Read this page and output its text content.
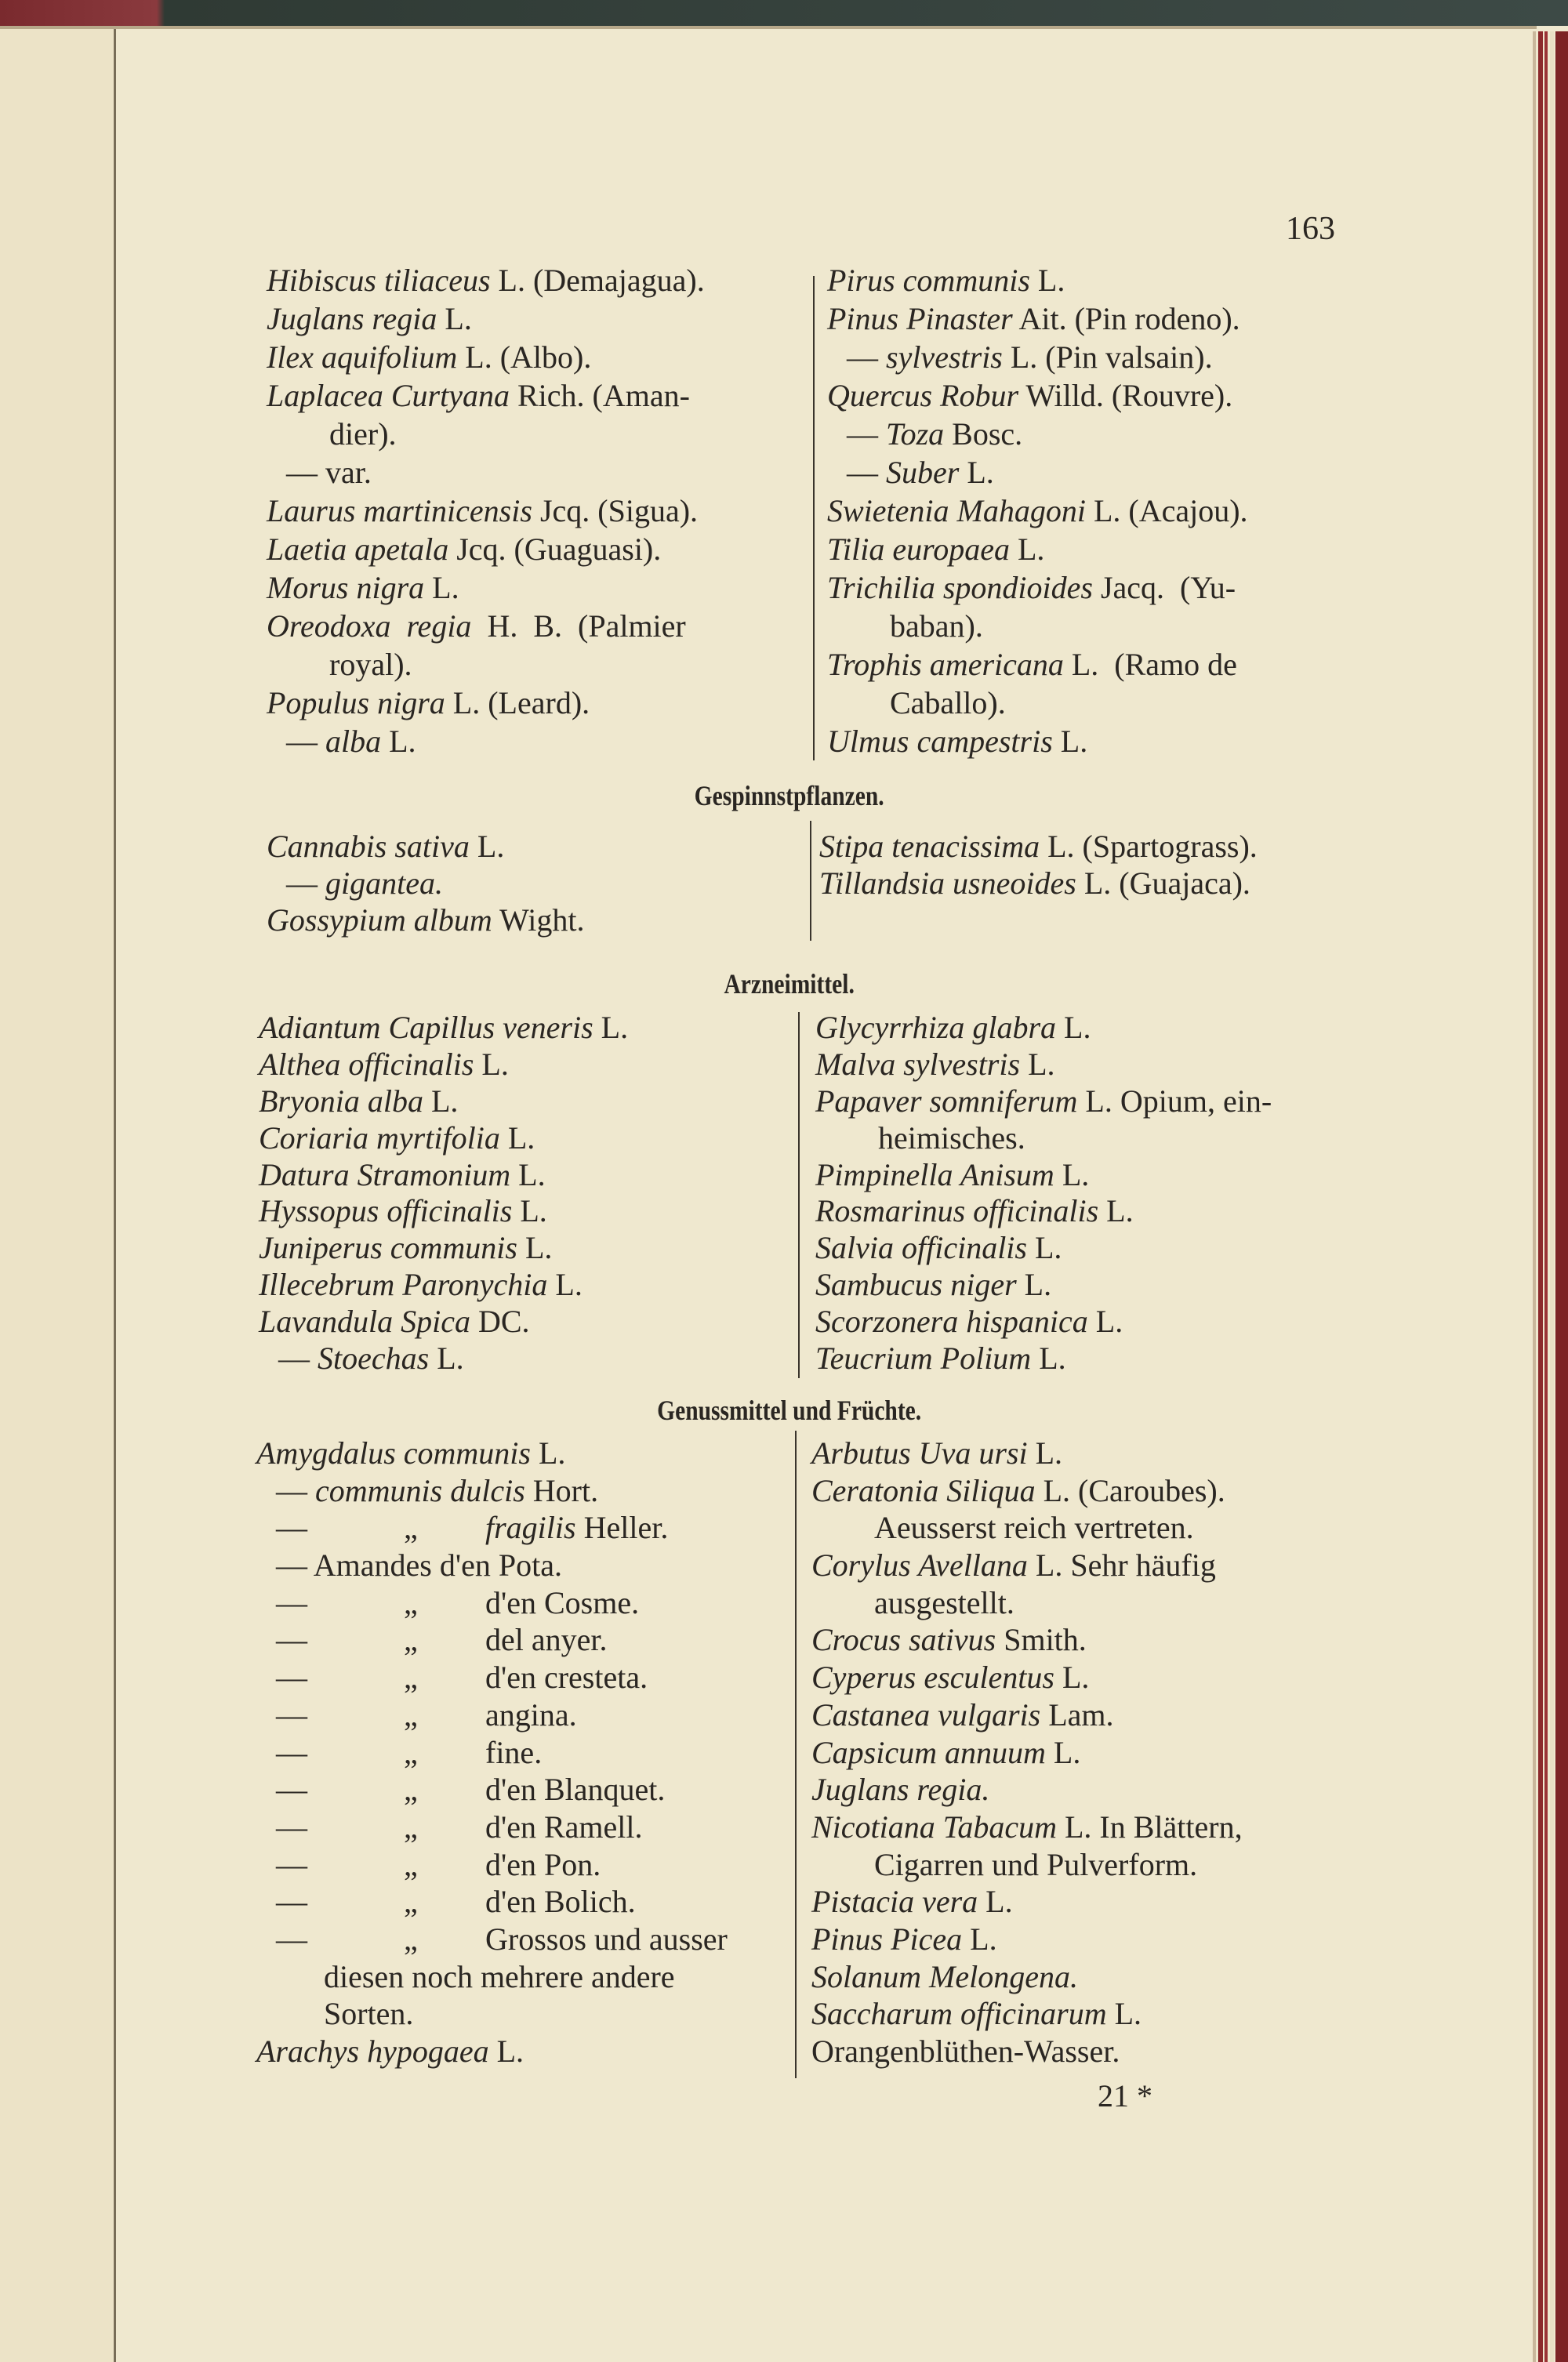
163
Hibiscus tiliaceus L. (Demajagua).
Juglans regia L.
Ilex aquifolium L. (Albo).
Laplacea Curtyana Rich. (Aman-
dier).
— var.
Laurus martinicensis Jcq. (Sigua).
Laetia apetala Jcq. (Guaguasi).
Morus nigra L.
Oreodoxa  regia  H.  B.  (Palmier
royal).
Populus nigra L. (Leard).
— alba L.
Pirus communis L.
Pinus Pinaster Ait. (Pin rodeno).
— sylvestris L. (Pin valsain).
Quercus Robur Willd. (Rouvre).
— Toza Bosc.
— Suber L.
Swietenia Mahagoni L. (Acajou).
Tilia europaea L.
Trichilia spondioides Jacq.  (Yu-
baban).
Trophis americana L.  (Ramo de
Caballo).
Ulmus campestris L.
Gespinnstpflanzen.
Cannabis sativa L.
— gigantea.
Gossypium album Wight.
Stipa tenacissima L. (Spartograss).
Tillandsia usneoides L. (Guajaca).
Arzneimittel.
Adiantum Capillus veneris L.
Althea officinalis L.
Bryonia alba L.
Coriaria myrtifolia L.
Datura Stramonium L.
Hyssopus officinalis L.
Juniperus communis L.
Illecebrum Paronychia L.
Lavandula Spica DC.
— Stoechas L.
Glycyrrhiza glabra L.
Malva sylvestris L.
Papaver somniferum L. Opium, ein-
heimisches.
Pimpinella Anisum L.
Rosmarinus officinalis L.
Salvia officinalis L.
Sambucus niger L.
Scorzonera hispanica L.
Teucrium Polium L.
Genussmittel und Früchte.
Amygdalus communis L.
— communis dulcis Hort.
—	„ fragilis Heller.
— Amandes d'en Pota.
—	„ d'en Cosme.
—	„ del anyer.
—	„ d'en cresteta.
—	„ angina.
—	„ fine.
—	„ d'en Blanquet.
—	„ d'en Ramell.
—	„ d'en Pon.
—	„ d'en Bolich.
—	„ Grossos und ausser
diesen noch mehrere andere
Sorten.
Arachys hypogaea L.
Arbutus Uva ursi L.
Ceratonia Siliqua L. (Caroubes).
Aeusserst reich vertreten.
Corylus Avellana L. Sehr häufig
ausgestellt.
Crocus sativus Smith.
Cyperus esculentus L.
Castanea vulgaris Lam.
Capsicum annuum L.
Juglans regia.
Nicotiana Tabacum L. In Blättern,
Cigarren und Pulverform.
Pistacia vera L.
Pinus Picea L.
Solanum Melongena.
Saccharum officinarum L.
Orangenblüthen-Wasser.
21 *
